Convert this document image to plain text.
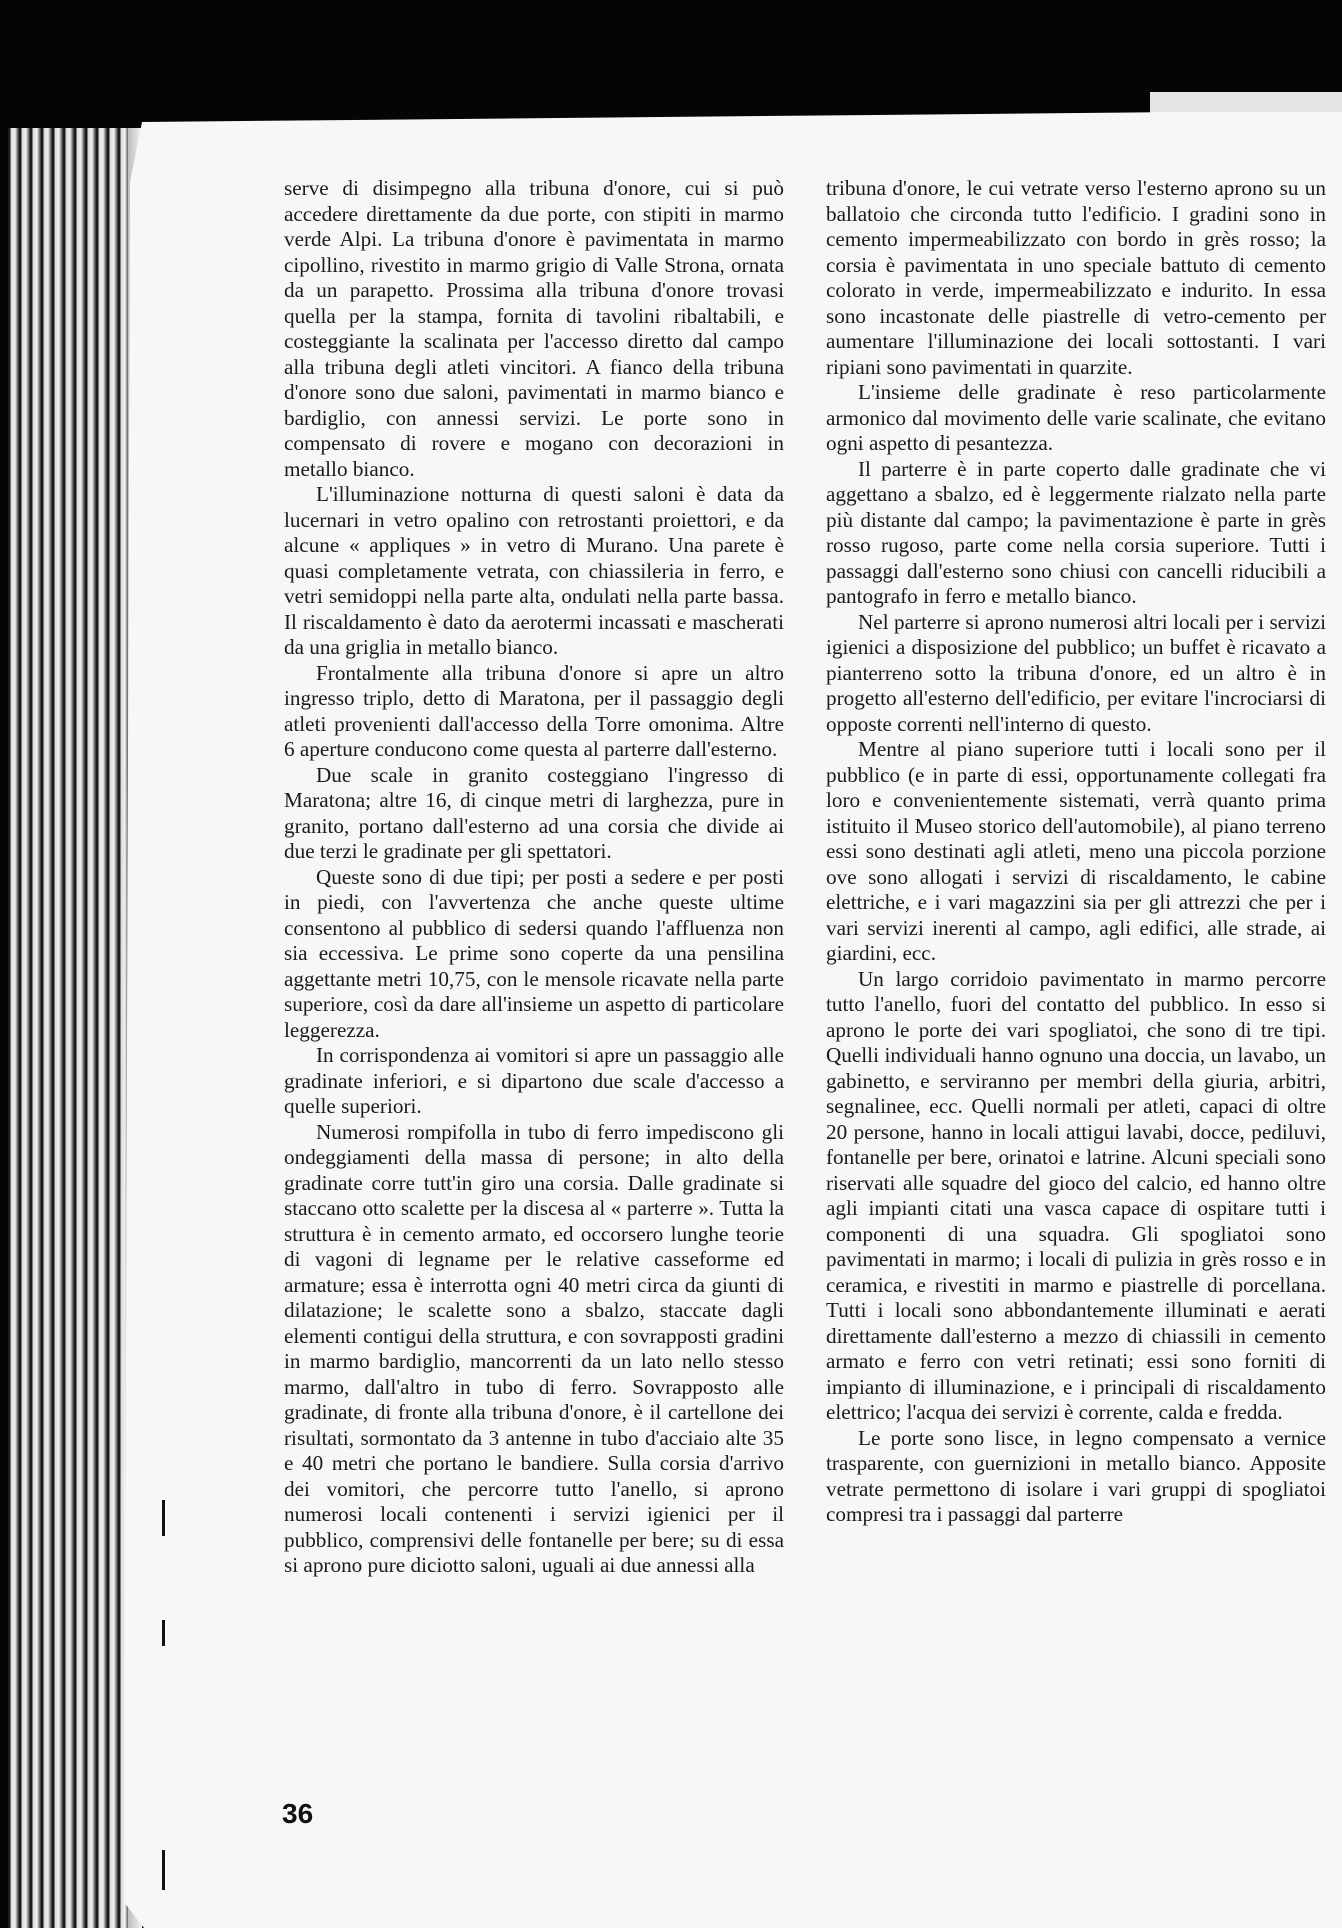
serve di disimpegno alla tribuna d'onore, cui si può accedere direttamente da due porte, con stipiti in marmo verde Alpi. La tribuna d'onore è pavimentata in marmo cipollino, rivestito in marmo grigio di Valle Strona, ornata da un parapetto. Prossima alla tribuna d'onore trovasi quella per la stampa, fornita di tavolini ribaltabili, e costeggiante la scalinata per l'accesso diretto dal campo alla tribuna degli atleti vincitori. A fianco della tribuna d'onore sono due saloni, pavimentati in marmo bianco e bardiglio, con annessi servizi. Le porte sono in compensato di rovere e mogano con decorazioni in metallo bianco.

L'illuminazione notturna di questi saloni è data da lucernari in vetro opalino con retrostanti proiettori, e da alcune « appliques » in vetro di Murano. Una parete è quasi completamente vetrata, con chiassileria in ferro, e vetri semidoppi nella parte alta, ondulati nella parte bassa. Il riscaldamento è dato da aerotermi incassati e mascherati da una griglia in metallo bianco.

Frontalmente alla tribuna d'onore si apre un altro ingresso triplo, detto di Maratona, per il passaggio degli atleti provenienti dall'accesso della Torre omonima. Altre 6 aperture conducono come questa al parterre dall'esterno.

Due scale in granito costeggiano l'ingresso di Maratona; altre 16, di cinque metri di larghezza, pure in granito, portano dall'esterno ad una corsia che divide ai due terzi le gradinate per gli spettatori.

Queste sono di due tipi; per posti a sedere e per posti in piedi, con l'avvertenza che anche queste ultime consentono al pubblico di sedersi quando l'affluenza non sia eccessiva. Le prime sono coperte da una pensilina aggettante metri 10,75, con le mensole ricavate nella parte superiore, così da dare all'insieme un aspetto di particolare leggerezza.

In corrispondenza ai vomitori si apre un passaggio alle gradinate inferiori, e si dipartono due scale d'accesso a quelle superiori.

Numerosi rompifolla in tubo di ferro impediscono gli ondeggiamenti della massa di persone; in alto della gradinate corre tutt'in giro una corsia. Dalle gradinate si staccano otto scalette per la discesa al « parterre ». Tutta la struttura è in cemento armato, ed occorsero lunghe teorie di vagoni di legname per le relative casseforme ed armature; essa è interrotta ogni 40 metri circa da giunti di dilatazione; le scalette sono a sbalzo, staccate dagli elementi contigui della struttura, e con sovrapposti gradini in marmo bardiglio, mancorrenti da un lato nello stesso marmo, dall'altro in tubo di ferro. Sovrapposto alle gradinate, di fronte alla tribuna d'onore, è il cartellone dei risultati, sormontato da 3 antenne in tubo d'acciaio alte 35 e 40 metri che portano le bandiere. Sulla corsia d'arrivo dei vomitori, che percorre tutto l'anello, si aprono numerosi locali contenenti i servizi igienici per il pubblico, comprensivi delle fontanelle per bere; su di essa si aprono pure diciotto saloni, uguali ai due annessi alla

tribuna d'onore, le cui vetrate verso l'esterno aprono su un ballatoio che circonda tutto l'edificio. I gradini sono in cemento impermeabilizzato con bordo in grès rosso; la corsia è pavimentata in uno speciale battuto di cemento colorato in verde, impermeabilizzato e indurito. In essa sono incastonate delle piastrelle di vetro-cemento per aumentare l'illuminazione dei locali sottostanti. I vari ripiani sono pavimentati in quarzite.

L'insieme delle gradinate è reso particolarmente armonico dal movimento delle varie scalinate, che evitano ogni aspetto di pesantezza.

Il parterre è in parte coperto dalle gradinate che vi aggettano a sbalzo, ed è leggermente rialzato nella parte più distante dal campo; la pavimentazione è parte in grès rosso rugoso, parte come nella corsia superiore. Tutti i passaggi dall'esterno sono chiusi con cancelli riducibili a pantografo in ferro e metallo bianco.

Nel parterre si aprono numerosi altri locali per i servizi igienici a disposizione del pubblico; un buffet è ricavato a pianterreno sotto la tribuna d'onore, ed un altro è in progetto all'esterno dell'edificio, per evitare l'incrociarsi di opposte correnti nell'interno di questo.

Mentre al piano superiore tutti i locali sono per il pubblico (e in parte di essi, opportunamente collegati fra loro e convenientemente sistemati, verrà quanto prima istituito il Museo storico dell'automobile), al piano terreno essi sono destinati agli atleti, meno una piccola porzione ove sono allogati i servizi di riscaldamento, le cabine elettriche, e i vari magazzini sia per gli attrezzi che per i vari servizi inerenti al campo, agli edifici, alle strade, ai giardini, ecc.

Un largo corridoio pavimentato in marmo percorre tutto l'anello, fuori del contatto del pubblico. In esso si aprono le porte dei vari spogliatoi, che sono di tre tipi. Quelli individuali hanno ognuno una doccia, un lavabo, un gabinetto, e serviranno per membri della giuria, arbitri, segnalinee, ecc. Quelli normali per atleti, capaci di oltre 20 persone, hanno in locali attigui lavabi, docce, pediluvi, fontanelle per bere, orinatoi e latrine. Alcuni speciali sono riservati alle squadre del gioco del calcio, ed hanno oltre agli impianti citati una vasca capace di ospitare tutti i componenti di una squadra. Gli spogliatoi sono pavimentati in marmo; i locali di pulizia in grès rosso e in ceramica, e rivestiti in marmo e piastrelle di porcellana. Tutti i locali sono abbondantemente illuminati e aerati direttamente dall'esterno a mezzo di chiassili in cemento armato e ferro con vetri retinati; essi sono forniti di impianto di illuminazione, e i principali di riscaldamento elettrico; l'acqua dei servizi è corrente, calda e fredda.

Le porte sono lisce, in legno compensato a vernice trasparente, con guernizioni in metallo bianco. Apposite vetrate permettono di isolare i vari gruppi di spogliatoi compresi tra i passaggi dal parterre

36
